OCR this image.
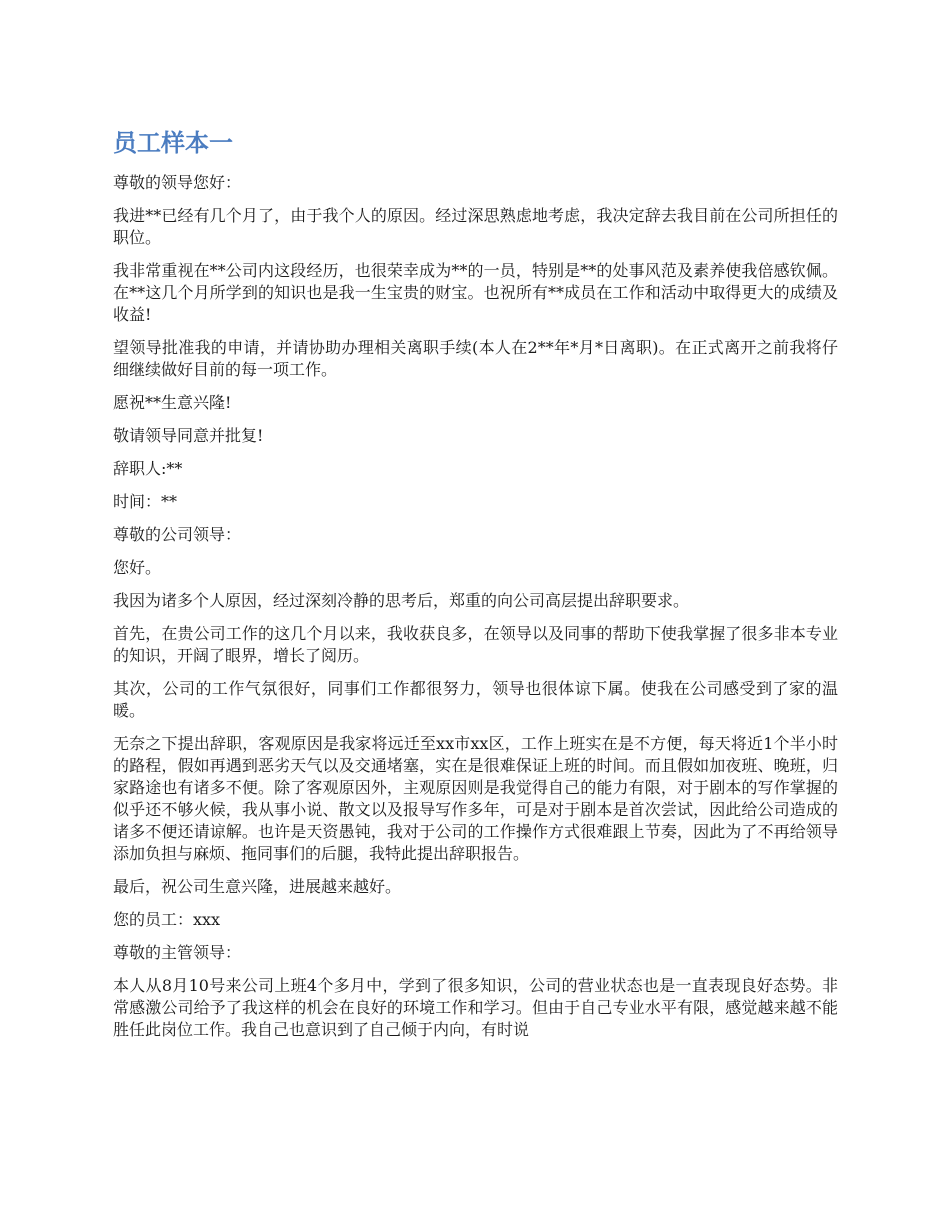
员工样本一

尊敬的领导您好：

我进**已经有几个月了，由于我个人的原因。经过深思熟虑地考虑，我决定辞去我目前在公司所担任的职位。

我非常重视在**公司内这段经历，也很荣幸成为**的一员，特别是**的处事风范及素养使我倍感钦佩。在**这几个月所学到的知识也是我一生宝贵的财宝。也祝所有**成员在工作和活动中取得更大的成绩及收益!

望领导批准我的申请，并请协助办理相关离职手续(本人在2**年*月*日离职)。在正式离开之前我将仔细继续做好目前的每一项工作。

愿祝**生意兴隆!

敬请领导同意并批复!

辞职人:**

时间：**

尊敬的公司领导：

您好。

我因为诸多个人原因，经过深刻冷静的思考后，郑重的向公司高层提出辞职要求。

首先，在贵公司工作的这几个月以来，我收获良多，在领导以及同事的帮助下使我掌握了很多非本专业的知识，开阔了眼界，增长了阅历。

其次，公司的工作气氛很好，同事们工作都很努力，领导也很体谅下属。使我在公司感受到了家的温暖。

无奈之下提出辞职，客观原因是我家将远迁至xx市xx区，工作上班实在是不方便，每天将近1个半小时的路程，假如再遇到恶劣天气以及交通堵塞，实在是很难保证上班的时间。而且假如加夜班、晚班，归家路途也有诸多不便。除了客观原因外，主观原因则是我觉得自己的能力有限，对于剧本的写作掌握的似乎还不够火候，我从事小说、散文以及报导写作多年，可是对于剧本是首次尝试，因此给公司造成的诸多不便还请谅解。也许是天资愚钝，我对于公司的工作操作方式很难跟上节奏，因此为了不再给领导添加负担与麻烦、拖同事们的后腿，我特此提出辞职报告。

最后，祝公司生意兴隆，进展越来越好。

您的员工：xxx

尊敬的主管领导：

本人从8月10号来公司上班4个多月中，学到了很多知识，公司的营业状态也是一直表现良好态势。非常感激公司给予了我这样的机会在良好的环境工作和学习。但由于自己专业水平有限，感觉越来越不能胜任此岗位工作。我自己也意识到了自己倾于内向，有时说
